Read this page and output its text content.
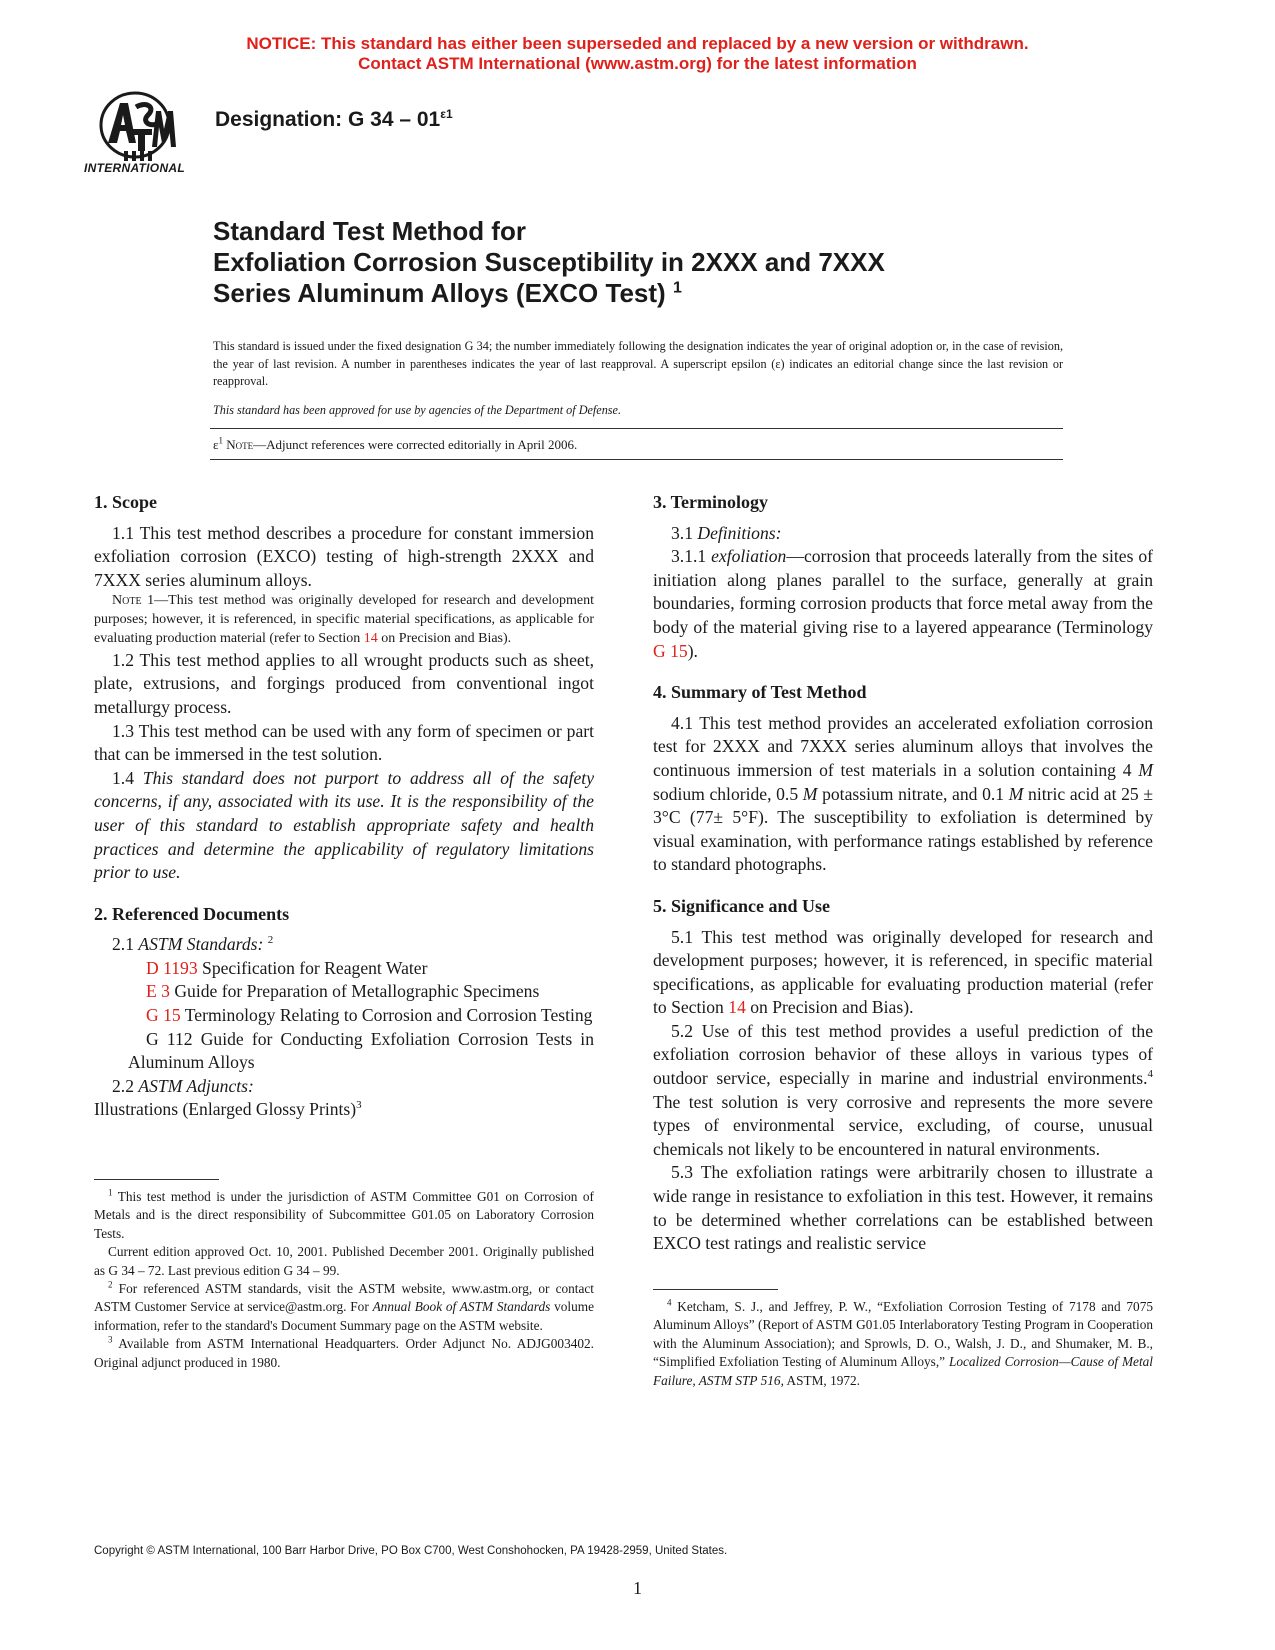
NOTICE: This standard has either been superseded and replaced by a new version or withdrawn.
Contact ASTM International (www.astm.org) for the latest information
INTERNATIONAL
Designation: G $34 - 01^{\varepsilon 1}$
Standard Test Method for
Exfoliation Corrosion Susceptibility in 2XXX and 7XXX
Series Aluminum Alloys (EXCO Test) $^1$
This standard is issued under the fixed designation G 34; the number immediately following the designation indicates the year of original adoption or, in the case of revision, the year of last revision. A number in parentheses indicates the year of last reapproval. A superscript epsilon (ε) indicates an editorial change since the last revision or reapproval.
This standard has been approved for use by agencies of the Department of Defense.
$\varepsilon^1$ Note—Adjunct references were corrected editorially in April 2006.
1. Scope

1.1 This test method describes a procedure for constant immersion exfoliation corrosion (EXCO) testing of high-strength 2XXX and 7XXX series aluminum alloys.

Note 1—This test method was originally developed for research and development purposes; however, it is referenced, in specific material specifications, as applicable for evaluating production material (refer to Section 14 on Precision and Bias).

1.2 This test method applies to all wrought products such as sheet, plate, extrusions, and forgings produced from conventional ingot metallurgy process.

1.3 This test method can be used with any form of specimen or part that can be immersed in the test solution.

1.4 This standard does not purport to address all of the safety concerns, if any, associated with its use. It is the responsibility of the user of this standard to establish appropriate safety and health practices and determine the applicability of regulatory limitations prior to use.

2. Referenced Documents

2.1 ASTM Standards: $^2$

D 1193 Specification for Reagent Water

E 3 Guide for Preparation of Metallographic Specimens

G 15 Terminology Relating to Corrosion and Corrosion Testing

G 112 Guide for Conducting Exfoliation Corrosion Tests in Aluminum Alloys

2.2 ASTM Adjuncts:

Illustrations (Enlarged Glossy Prints)$^3$

$^1$ This test method is under the jurisdiction of ASTM Committee G01 on Corrosion of Metals and is the direct responsibility of Subcommittee G01.05 on Laboratory Corrosion Tests.

Current edition approved Oct. 10, 2001. Published December 2001. Originally published as G 34 – 72. Last previous edition G 34 – 99.

$^2$ For referenced ASTM standards, visit the ASTM website, www.astm.org, or contact ASTM Customer Service at service@astm.org. For Annual Book of ASTM Standards volume information, refer to the standard's Document Summary page on the ASTM website.

$^3$ Available from ASTM International Headquarters. Order Adjunct No. ADJG003402. Original adjunct produced in 1980.

3. Terminology

3.1 Definitions:

3.1.1 exfoliation—corrosion that proceeds laterally from the sites of initiation along planes parallel to the surface, generally at grain boundaries, forming corrosion products that force metal away from the body of the material giving rise to a layered appearance (Terminology G 15).

4. Summary of Test Method

4.1 This test method provides an accelerated exfoliation corrosion test for 2XXX and 7XXX series aluminum alloys that involves the continuous immersion of test materials in a solution containing 4 M sodium chloride, 0.5 M potassium nitrate, and 0.1 M nitric acid at 25 ± 3°C (77± 5°F). The susceptibility to exfoliation is determined by visual examination, with performance ratings established by reference to standard photographs.

5. Significance and Use

5.1 This test method was originally developed for research and development purposes; however, it is referenced, in specific material specifications, as applicable for evaluating production material (refer to Section 14 on Precision and Bias).

5.2 Use of this test method provides a useful prediction of the exfoliation corrosion behavior of these alloys in various types of outdoor service, especially in marine and industrial environments.$^4$ The test solution is very corrosive and represents the more severe types of environmental service, excluding, of course, unusual chemicals not likely to be encountered in natural environments.

5.3 The exfoliation ratings were arbitrarily chosen to illustrate a wide range in resistance to exfoliation in this test. However, it remains to be determined whether correlations can be established between EXCO test ratings and realistic service

$^4$ Ketcham, S. J., and Jeffrey, P. W., “Exfoliation Corrosion Testing of 7178 and 7075 Aluminum Alloys” (Report of ASTM G01.05 Interlaboratory Testing Program in Cooperation with the Aluminum Association); and Sprowls, D. O., Walsh, J. D., and Shumaker, M. B., “Simplified Exfoliation Testing of Aluminum Alloys,” Localized Corrosion—Cause of Metal Failure, ASTM STP 516, ASTM, 1972.

Copyright © ASTM International, 100 Barr Harbor Drive, PO Box C700, West Conshohocken, PA 19428-2959, United States.
1
